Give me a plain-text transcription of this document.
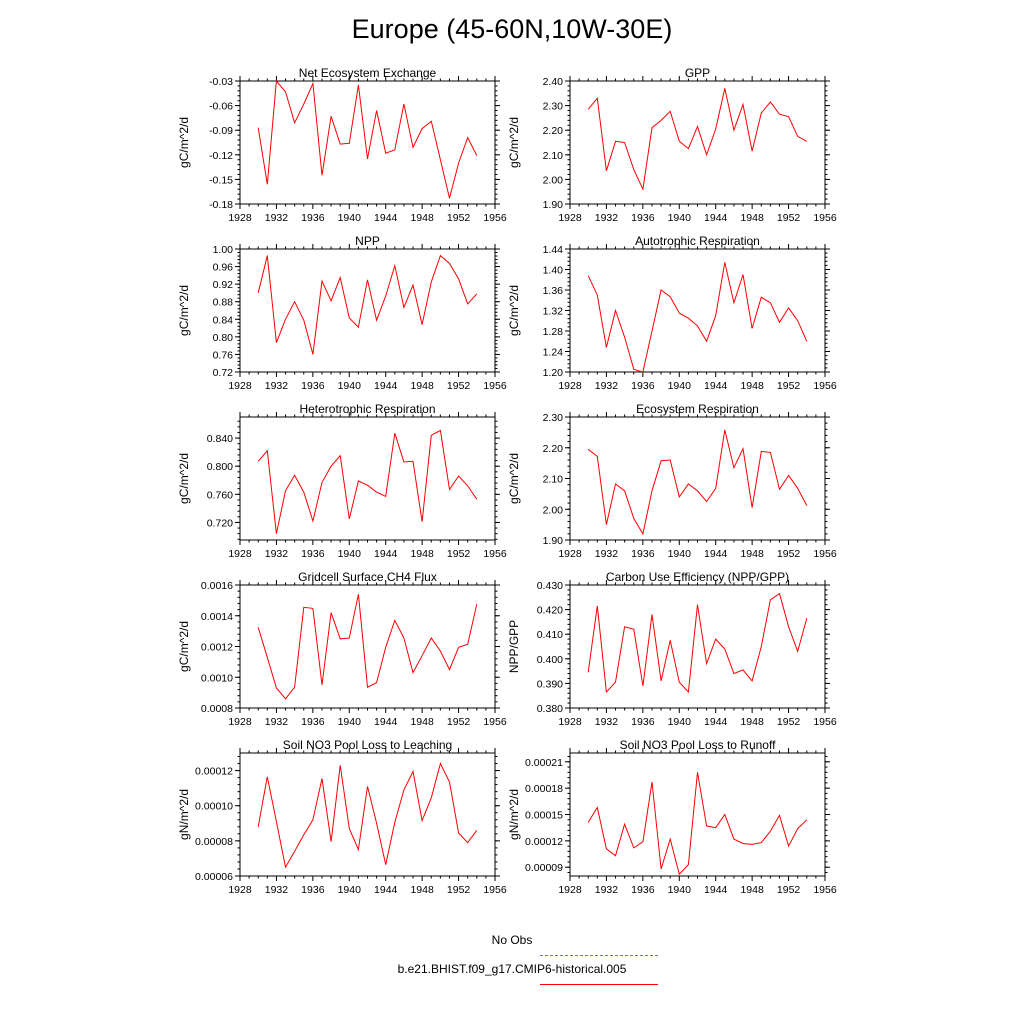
Europe (45-60N,10W-30E)
Net Ecosystem Exchange
gC/m^2/d
1928 1932 1936 1940 1944 1948 1952 1956
-0.18
-0.15
-0.12
-0.09
-0.06
-0.03
GPP
gC/m^2/d
1928 1932 1936 1940 1944 1948 1952 1956
1.90
2.00
2.10
2.20
2.30
2.40
NPP
gC/m^2/d
1928 1932 1936 1940 1944 1948 1952 1956
0.72
0.76
0.80
0.84
0.88
0.92
0.96
1.00
Autotrophic Respiration
gC/m^2/d
1928 1932 1936 1940 1944 1948 1952 1956
1.20
1.24
1.28
1.32
1.36
1.40
1.44
Heterotrophic Respiration
gC/m^2/d
1928 1932 1936 1940 1944 1948 1952 1956
0.720
0.760
0.800
0.840
Ecosystem Respiration
gC/m^2/d
1928 1932 1936 1940 1944 1948 1952 1956
1.90
2.00
2.10
2.20
2.30
Gridcell Surface CH4 Flux
gC/m^2/d
1928 1932 1936 1940 1944 1948 1952 1956
0.0008
0.0010
0.0012
0.0014
0.0016
Carbon Use Efficiency (NPP/GPP)
NPP/GPP
1928 1932 1936 1940 1944 1948 1952 1956
0.380
0.390
0.400
0.410
0.420
0.430
Soil NO3 Pool Loss to Leaching
gN/m^2/d
1928 1932 1936 1940 1944 1948 1952 1956
0.00006
0.00008
0.00010
0.00012
Soil NO3 Pool Loss to Runoff
gN/m^2/d
1928 1932 1936 1940 1944 1948 1952 1956
0.00009
0.00012
0.00015
0.00018
0.00021
No Obs
b.e21.BHIST.f09_g17.CMIP6-historical.005
